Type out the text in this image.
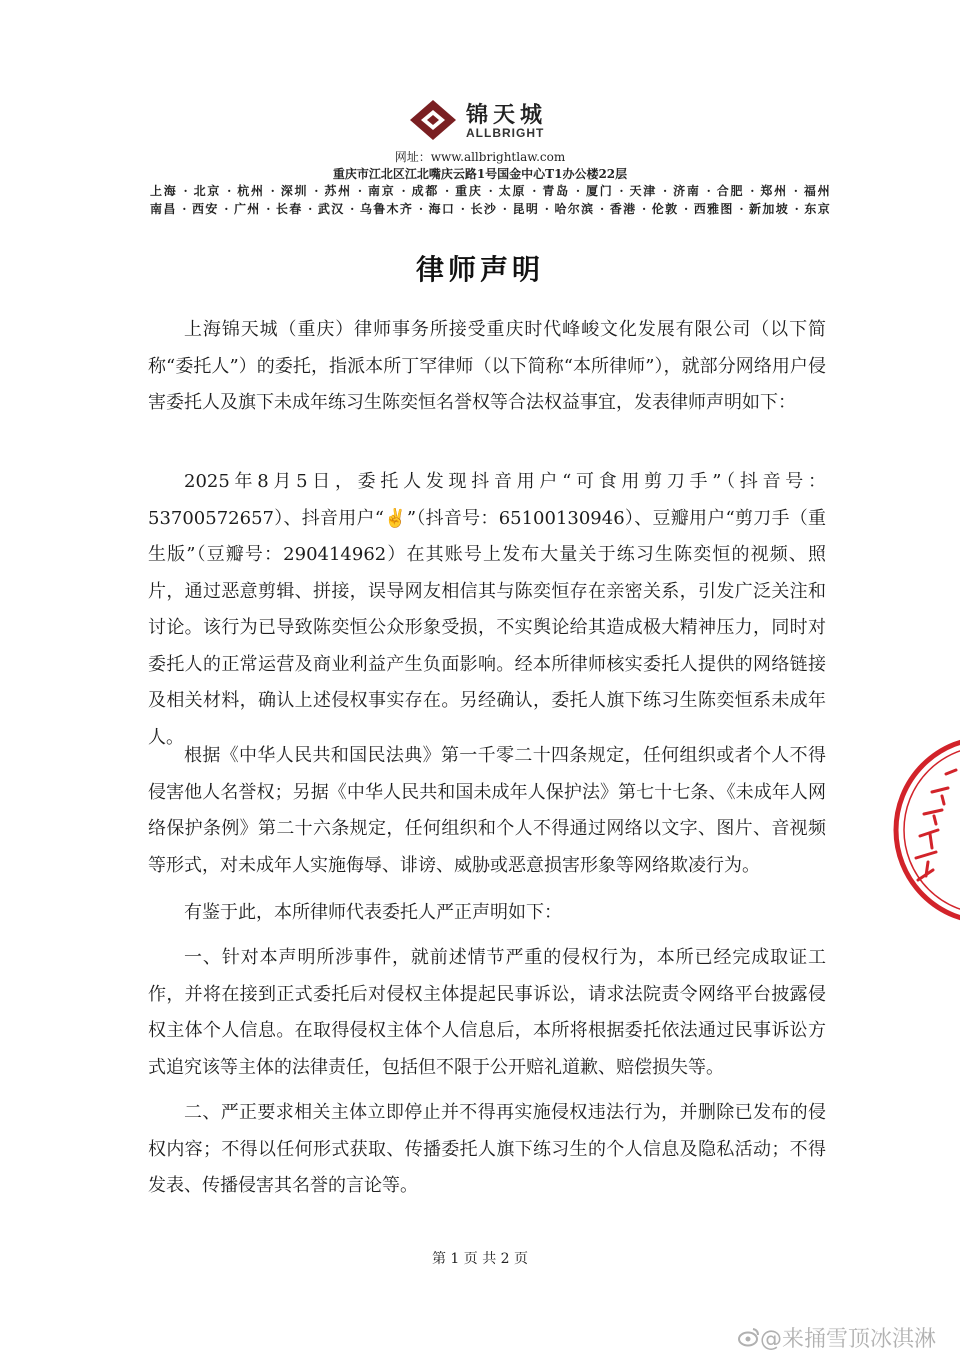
锦天城
ALLBRIGHT
网址：www.allbrightlaw.com
重庆市江北区江北嘴庆云路1号国金中心T1办公楼22层
上海 · 北京 · 杭州 · 深圳 · 苏州 · 南京 · 成都 · 重庆 · 太原 · 青岛 · 厦门 · 天津 · 济南 · 合肥 · 郑州 · 福州
南昌 · 西安 · 广州 · 长春 · 武汉 · 乌鲁木齐 · 海口 · 长沙 · 昆明 · 哈尔滨 · 香港 · 伦敦 · 西雅图 · 新加坡 · 东京
律师声明
上海锦天城（重庆）律师事务所接受重庆时代峰峻文化发展有限公司（以下简称“委托人”）的委托，指派本所丁罕律师（以下简称“本所律师”），就部分网络用户侵害委托人及旗下未成年练习生陈奕恒名誉权等合法权益事宜，发表律师声明如下：
2025年8月5日，委托人发现抖音用户“可食用剪刀手”（抖音号：53700572657）、抖音用户“✌”（抖音号：65100130946）、豆瓣用户“剪刀手（重生版”（豆瓣号：290414962）在其账号上发布大量关于练习生陈奕恒的视频、照片，通过恶意剪辑、拼接，误导网友相信其与陈奕恒存在亲密关系，引发广泛关注和讨论。该行为已导致陈奕恒公众形象受损，不实舆论给其造成极大精神压力，同时对委托人的正常运营及商业利益产生负面影响。经本所律师核实委托人提供的网络链接及相关材料，确认上述侵权事实存在。另经确认，委托人旗下练习生陈奕恒系未成年人。
根据《中华人民共和国民法典》第一千零二十四条规定，任何组织或者个人不得侵害他人名誉权；另据《中华人民共和国未成年人保护法》第七十七条、《未成年人网络保护条例》第二十六条规定，任何组织和个人不得通过网络以文字、图片、音视频等形式，对未成年人实施侮辱、诽谤、威胁或恶意损害形象等网络欺凌行为。
有鉴于此，本所律师代表委托人严正声明如下：
一、针对本声明所涉事件，就前述情节严重的侵权行为，本所已经完成取证工作，并将在接到正式委托后对侵权主体提起民事诉讼，请求法院责令网络平台披露侵权主体个人信息。在取得侵权主体个人信息后，本所将根据委托依法通过民事诉讼方式追究该等主体的法律责任，包括但不限于公开赔礼道歉、赔偿损失等。
二、严正要求相关主体立即停止并不得再实施侵权违法行为，并删除已发布的侵权内容；不得以任何形式获取、传播委托人旗下练习生的个人信息及隐私活动；不得发表、传播侵害其名誉的言论等。
第 1 页 共 2 页
@来捅雪顶冰淇淋
